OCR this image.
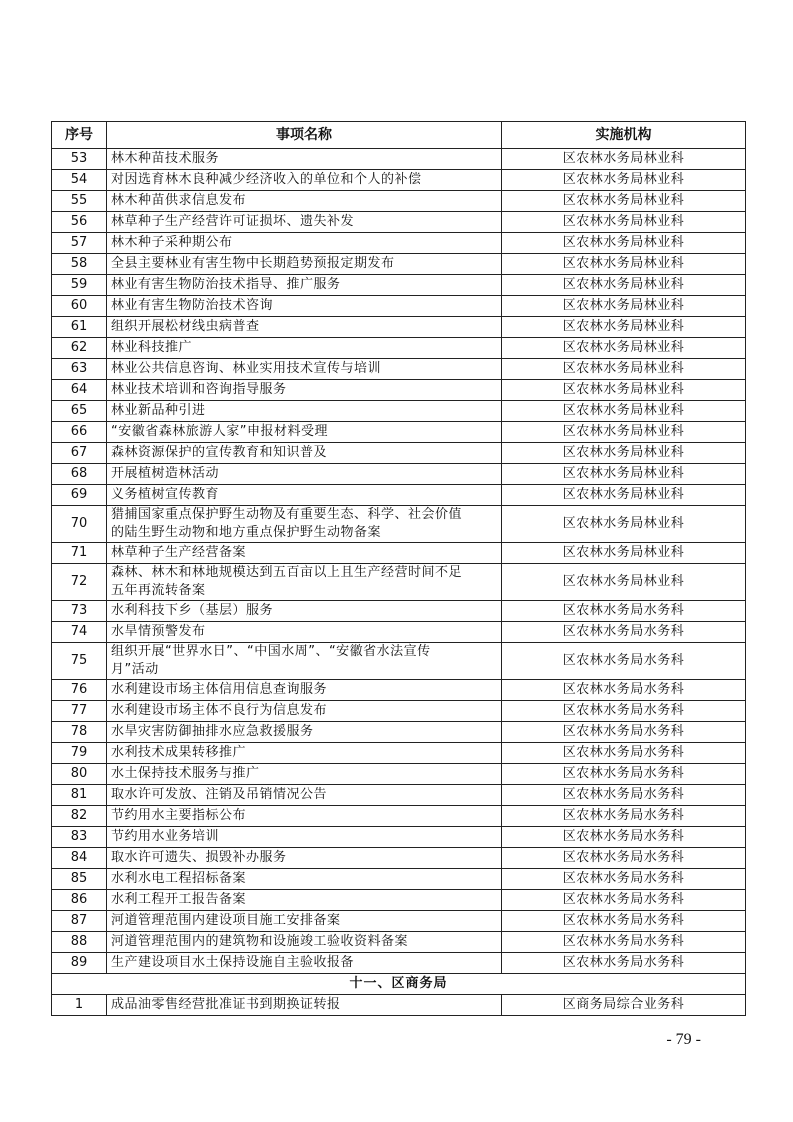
序号	事项名称	实施机构
53	林木种苗技术服务	区农林水务局林业科
54	对因选育林木良种减少经济收入的单位和个人的补偿	区农林水务局林业科
55	林木种苗供求信息发布	区农林水务局林业科
56	林草种子生产经营许可证损坏、遗失补发	区农林水务局林业科
57	林木种子采种期公布	区农林水务局林业科
58	全县主要林业有害生物中长期趋势预报定期发布	区农林水务局林业科
59	林业有害生物防治技术指导、推广服务	区农林水务局林业科
60	林业有害生物防治技术咨询	区农林水务局林业科
61	组织开展松材线虫病普查	区农林水务局林业科
62	林业科技推广	区农林水务局林业科
63	林业公共信息咨询、林业实用技术宣传与培训	区农林水务局林业科
64	林业技术培训和咨询指导服务	区农林水务局林业科
65	林业新品种引进	区农林水务局林业科
66	“安徽省森林旅游人家”申报材料受理	区农林水务局林业科
67	森林资源保护的宣传教育和知识普及	区农林水务局林业科
68	开展植树造林活动	区农林水务局林业科
69	义务植树宣传教育	区农林水务局林业科
70	猎捕国家重点保护野生动物及有重要生态、科学、社会价值
的陆生野生动物和地方重点保护野生动物备案	区农林水务局林业科
71	林草种子生产经营备案	区农林水务局林业科
72	森林、林木和林地规模达到五百亩以上且生产经营时间不足
五年再流转备案	区农林水务局林业科
73	水利科技下乡（基层）服务	区农林水务局水务科
74	水旱情预警发布	区农林水务局水务科
75	组织开展“世界水日”、“中国水周”、“安徽省水法宣传
月”活动	区农林水务局水务科
76	水利建设市场主体信用信息查询服务	区农林水务局水务科
77	水利建设市场主体不良行为信息发布	区农林水务局水务科
78	水旱灾害防御抽排水应急救援服务	区农林水务局水务科
79	水利技术成果转移推广	区农林水务局水务科
80	水土保持技术服务与推广	区农林水务局水务科
81	取水许可发放、注销及吊销情况公告	区农林水务局水务科
82	节约用水主要指标公布	区农林水务局水务科
83	节约用水业务培训	区农林水务局水务科
84	取水许可遗失、损毁补办服务	区农林水务局水务科
85	水利水电工程招标备案	区农林水务局水务科
86	水利工程开工报告备案	区农林水务局水务科
87	河道管理范围内建设项目施工安排备案	区农林水务局水务科
88	河道管理范围内的建筑物和设施竣工验收资料备案	区农林水务局水务科
89	生产建设项目水土保持设施自主验收报备	区农林水务局水务科
十一、区商务局		
1	成品油零售经营批准证书到期换证转报	区商务局综合业务科
- 79 -
